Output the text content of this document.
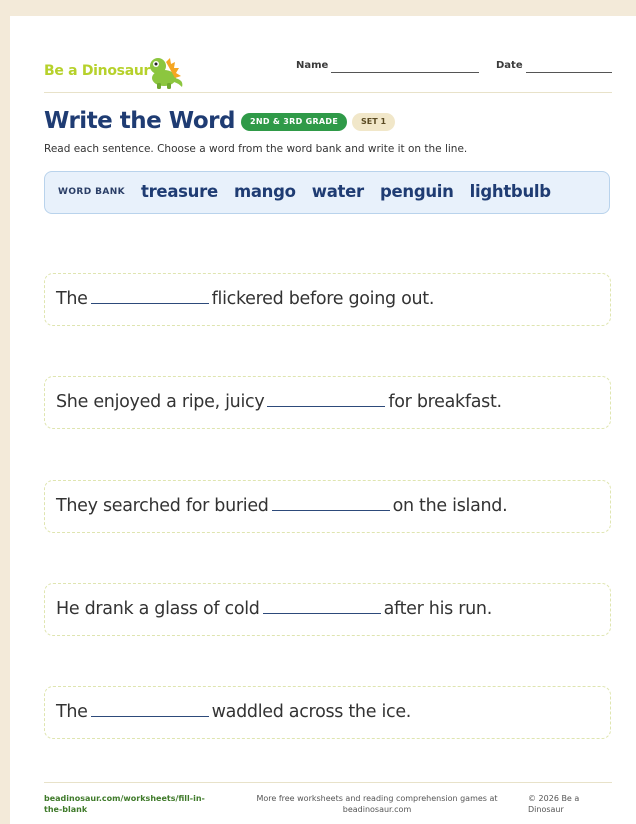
Be a Dinosaur	Name	Date
Write the Word	2ND & 3RD GRADE	SET 1
Read each sentence. Choose a word from the word bank and write it on the line.
WORD BANK treasure mango water penguin lightbulb
The	flickered before going out.
She enjoyed a ripe, juicy	for breakfast.
They searched for buried	on the island.
He drank a glass of cold	after his run.
The	waddled across the ice.
beadinosaur.com/worksheets/fill-in-the-blank
More free worksheets and reading comprehension games at beadinosaur.com
© 2026 Be a Dinosaur
